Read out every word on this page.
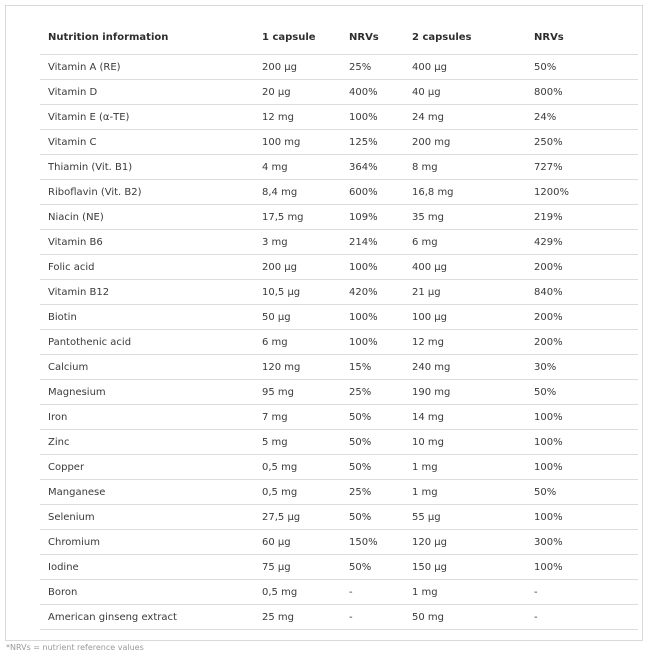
Nutrition information	1 capsule	NRVs	2 capsules	NRVs
Vitamin A (RE)	200 µg	25%	400 µg	50%
Vitamin D	20 µg	400%	40 µg	800%
Vitamin E (α-TE)	12 mg	100%	24 mg	24%
Vitamin C	100 mg	125%	200 mg	250%
Thiamin (Vit. B1)	4 mg	364%	8 mg	727%
Riboflavin (Vit. B2)	8,4 mg	600%	16,8 mg	1200%
Niacin (NE)	17,5 mg	109%	35 mg	219%
Vitamin B6	3 mg	214%	6 mg	429%
Folic acid	200 µg	100%	400 µg	200%
Vitamin B12	10,5 µg	420%	21 µg	840%
Biotin	50 µg	100%	100 µg	200%
Pantothenic acid	6 mg	100%	12 mg	200%
Calcium	120 mg	15%	240 mg	30%
Magnesium	95 mg	25%	190 mg	50%
Iron	7 mg	50%	14 mg	100%
Zinc	5 mg	50%	10 mg	100%
Copper	0,5 mg	50%	1 mg	100%
Manganese	0,5 mg	25%	1 mg	50%
Selenium	27,5 µg	50%	55 µg	100%
Chromium	60 µg	150%	120 µg	300%
Iodine	75 µg	50%	150 µg	100%
Boron	0,5 mg	-	1 mg	-
American ginseng extract	25 mg	-	50 mg	-
*NRVs = nutrient reference values
